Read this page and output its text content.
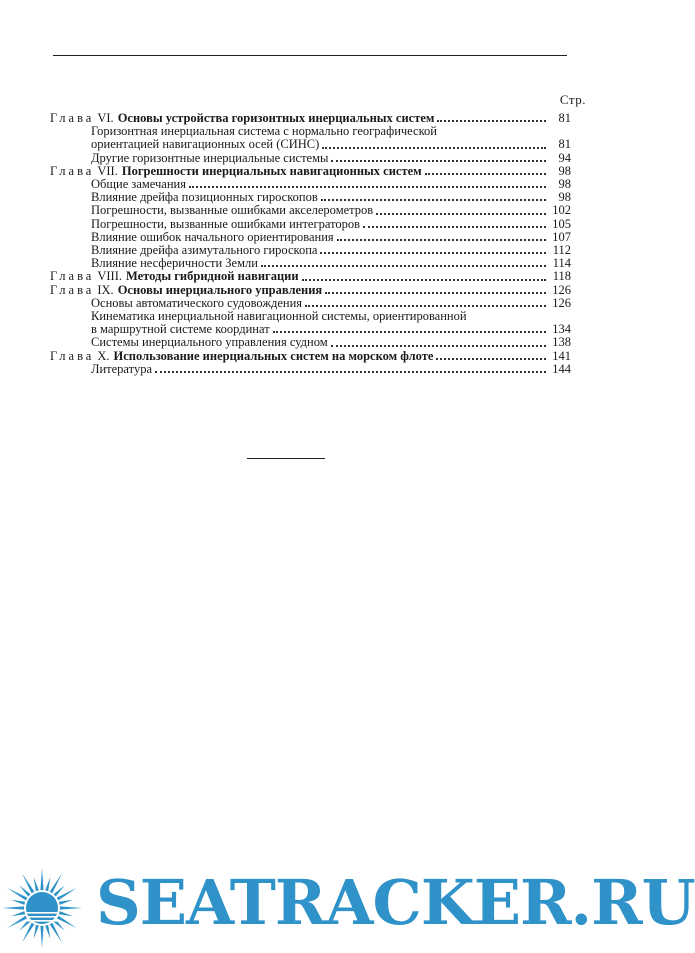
Стр.
Глава VI. Основы устройства горизонтных инерциальных систем	81
Горизонтная инерциальная система с нормально географической
ориентацией навигационных осей (СИНС)	81
Другие горизонтные инерциальные системы	94
Глава VII. Погрешности инерциальных навигационных систем	98
Общие замечания	98
Влияние дрейфа позиционных гироскопов	98
Погрешности, вызванные ошибками акселерометров	102
Погрешности, вызванные ошибками интеграторов	105
Влияние ошибок начального ориентирования	107
Влияние дрейфа азимутального гироскопа	112
Влияние несферичности Земли	114
Глава VIII. Методы гибридной навигации	118
Глава IX. Основы инерциального управления	126
Основы автоматического судовождения	126
Кинематика инерциальной навигационной системы, ориентированной
в маршрутной системе координат	134
Системы инерциального управления судном	138
Глава X. Использование инерциальных систем на морском флоте	141
Литература	144
SEATRACKER.RU
